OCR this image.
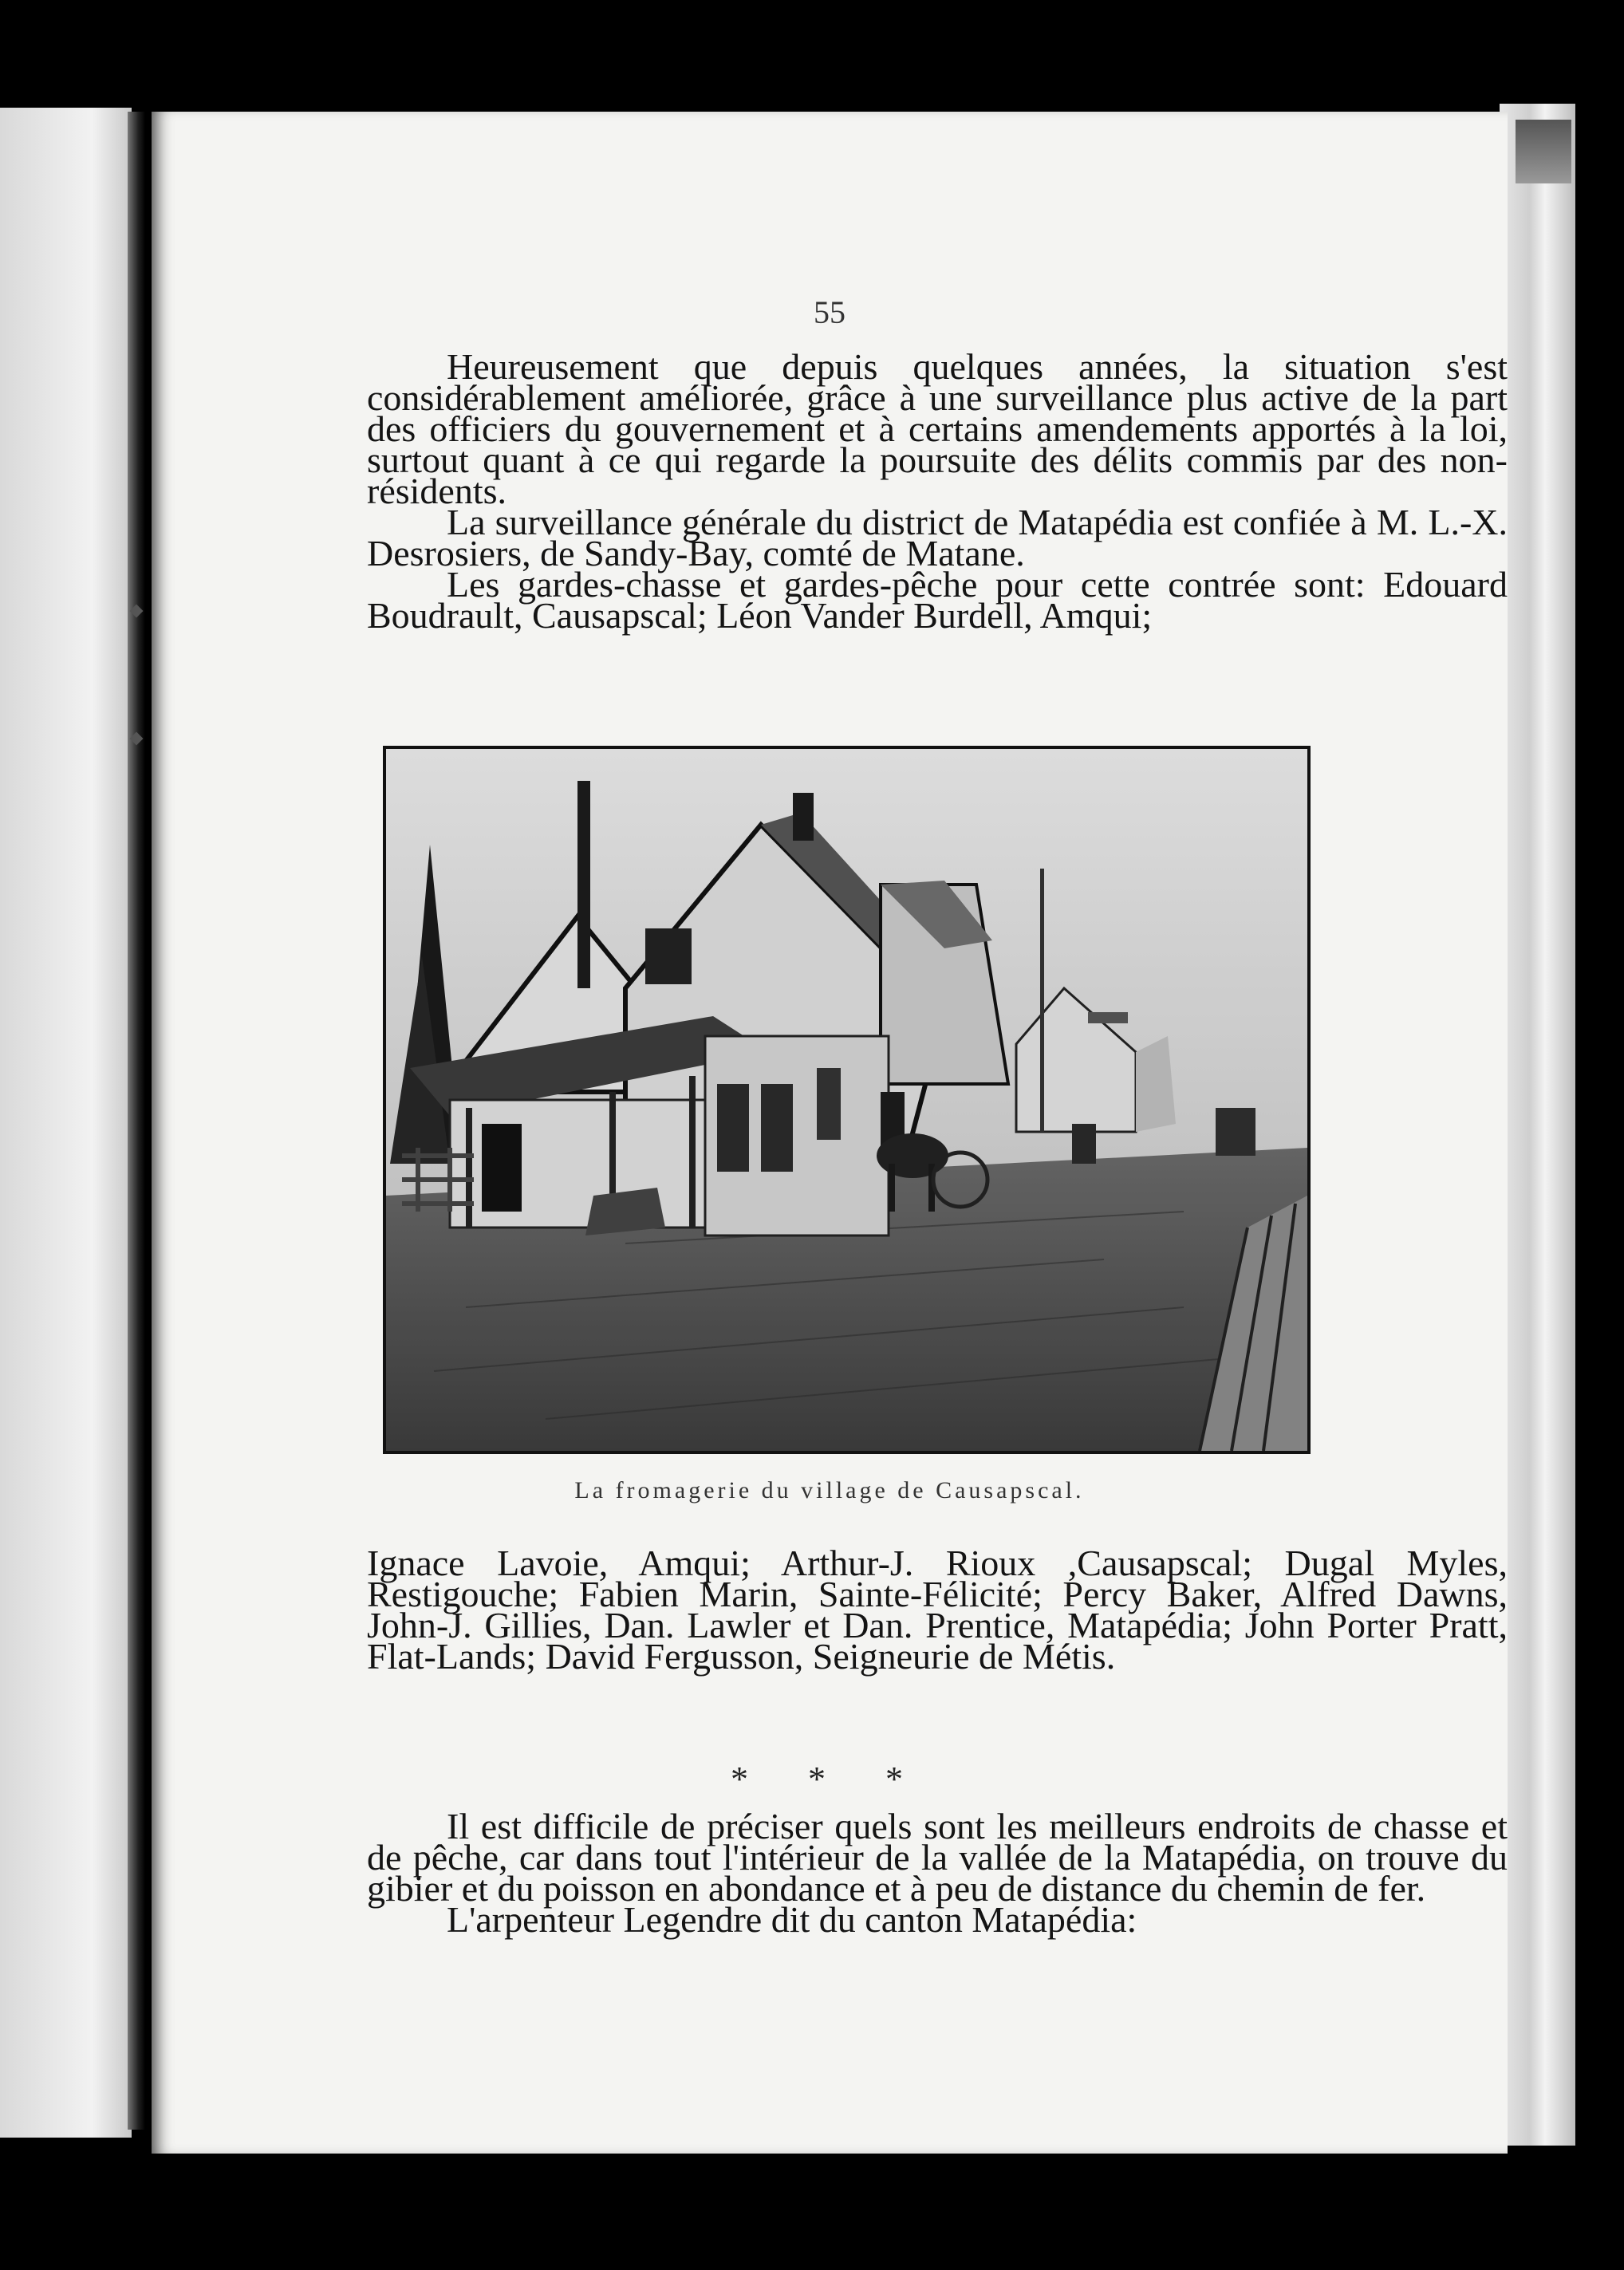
55

Heureusement que depuis quelques années, la situation s'est considérablement améliorée, grâce à une surveillance plus active de la part des officiers du gouvernement et à certains amendements apportés à la loi, surtout quant à ce qui regarde la poursuite des délits commis par des non-résidents.

La surveillance générale du district de Matapédia est confiée à M. L.-X. Desrosiers, de Sandy-Bay, comté de Matane.

Les gardes-chasse et gardes-pêche pour cette contrée sont: Edouard Boudrault, Causapscal; Léon Vander Burdell, Amqui;

La fromagerie du village de Causapscal.

Ignace Lavoie, Amqui; Arthur-J. Rioux ,Causapscal; Dugal Myles, Restigouche; Fabien Marin, Sainte-Félicité; Percy Baker, Alfred Dawns, John-J. Gillies, Dan. Lawler et Dan. Prentice, Matapédia; John Porter Pratt, Flat-Lands; David Fergusson, Seigneurie de Métis.

* * *

Il est difficile de préciser quels sont les meilleurs endroits de chasse et de pêche, car dans tout l'intérieur de la vallée de la Matapédia, on trouve du gibier et du poisson en abondance et à peu de distance du chemin de fer.

L'arpenteur Legendre dit du canton Matapédia:
